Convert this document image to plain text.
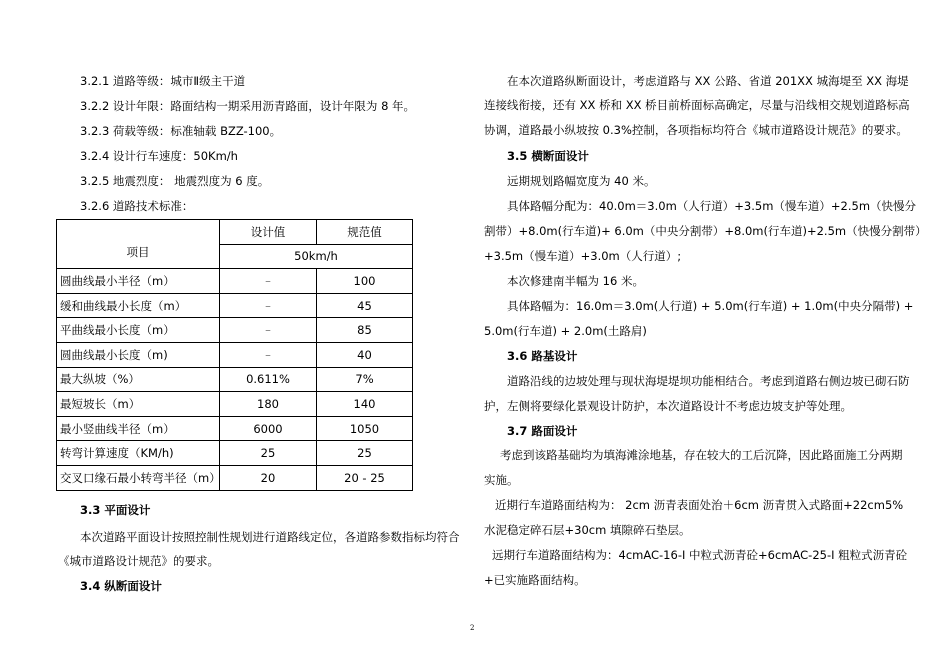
3.2.1 道路等级：城市Ⅱ级主干道
3.2.2 设计年限：路面结构一期采用沥青路面，设计年限为 8 年。
3.2.3 荷载等级：标准轴载 BZZ-100。
3.2.4 设计行车速度：50Km/h
3.2.5 地震烈度： 地震烈度为 6 度。
3.2.6 道路技术标准：
项目	设计值	规范值
	50km/h	
圆曲线最小半径（m）	–	100
缓和曲线最小长度（m）	–	45
平曲线最小长度（m）	–	85
圆曲线最小长度（m)	–	40
最大纵坡（%）	0.611%	7%
最短坡长（m）	180	140
最小竖曲线半径（m）	6000	1050
转弯计算速度（KM/h)	25	25
交叉口缘石最小转弯半径（m）	20	20 - 25
3.3 平面设计
本次道路平面设计按照控制性规划进行道路线定位，各道路参数指标均符合
《城市道路设计规范》的要求。
3.4 纵断面设计
在本次道路纵断面设计，考虑道路与 XX 公路、省道 201XX 城海堤至 XX 海堤
连接线衔接，还有 XX 桥和 XX 桥目前桥面标高确定，尽量与沿线相交规划道路标高
协调，道路最小纵坡按 0.3%控制，各项指标均符合《城市道路设计规范》的要求。
3.5 横断面设计
远期规划路幅宽度为 40 米。
具体路幅分配为：40.0m＝3.0m（人行道）+3.5m（慢车道）+2.5m（快慢分
割带）+8.0m(行车道)+ 6.0m（中央分割带）+8.0m(行车道)+2.5m（快慢分割带）
+3.5m（慢车道）+3.0m（人行道）;
本次修建南半幅为 16 米。
具体路幅为：16.0m＝3.0m(人行道) + 5.0m(行车道) + 1.0m(中央分隔带) +
5.0m(行车道) + 2.0m(土路肩)
3.6 路基设计
道路沿线的边坡处理与现状海堤堤坝功能相结合。考虑到道路右侧边坡已砌石防
护，左侧将要绿化景观设计防护，本次道路设计不考虑边坡支护等处理。
3.7 路面设计
考虑到该路基础均为填海滩涂地基，存在较大的工后沉降，因此路面施工分两期
实施。
近期行车道路面结构为： 2cm 沥青表面处治＋6cm 沥青贯入式路面+22cm5%
水泥稳定碎石层+30cm 填隙碎石垫层。
远期行车道路面结构为：4cmAC-16-I 中粒式沥青砼+6cmAC-25-I 粗粒式沥青砼
+已实施路面结构。
2
